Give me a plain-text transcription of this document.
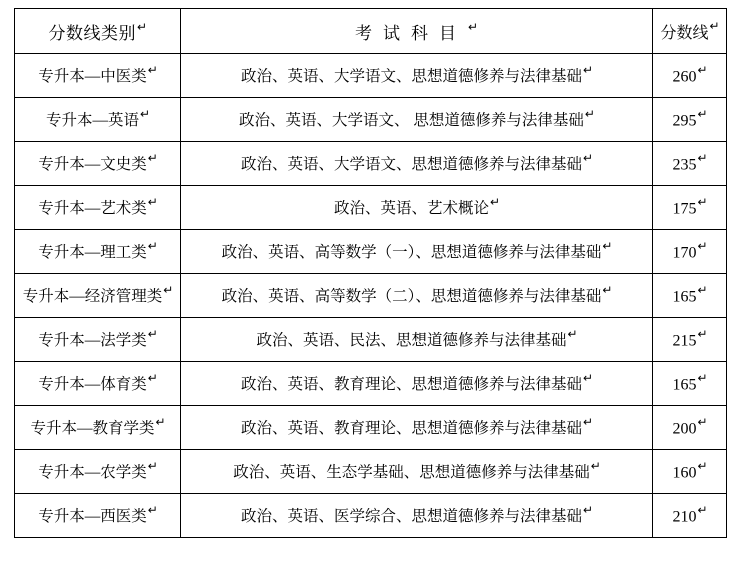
分数线类别↵	考试科目↵	分数线↵
专升本—中医类↵	政治、英语、大学语文、思想道德修养与法律基础↵	260↵
专升本—英语↵	政治、英语、大学语文、 思想道德修养与法律基础↵	295↵
专升本—文史类↵	政治、英语、大学语文、思想道德修养与法律基础↵	235↵
专升本—艺术类↵	政治、英语、艺术概论↵	175↵
专升本—理工类↵	政治、英语、高等数学（一）、思想道德修养与法律基础↵	170↵
专升本—经济管理类↵	政治、英语、高等数学（二）、思想道德修养与法律基础↵	165↵
专升本—法学类↵	政治、英语、民法、思想道德修养与法律基础↵	215↵
专升本—体育类↵	政治、英语、教育理论、思想道德修养与法律基础↵	165↵
专升本—教育学类↵	政治、英语、教育理论、思想道德修养与法律基础↵	200↵
专升本—农学类↵	政治、英语、生态学基础、思想道德修养与法律基础↵	160↵
专升本—西医类↵	政治、英语、医学综合、思想道德修养与法律基础↵	210↵
